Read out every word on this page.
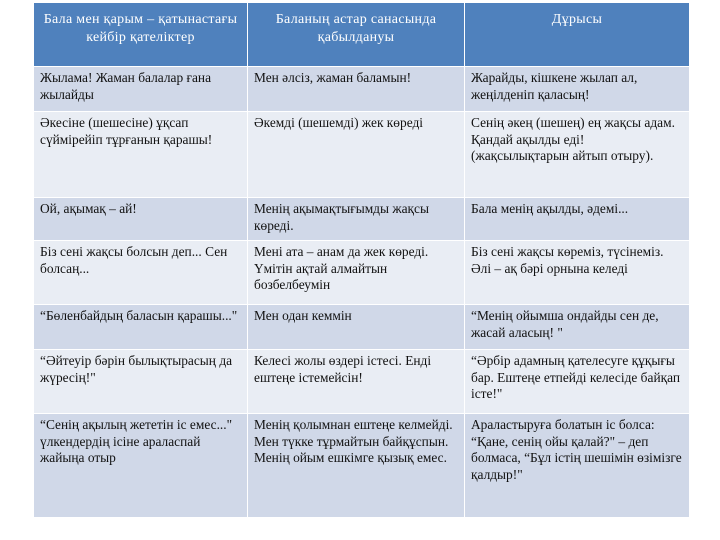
Бала мен қарым – қатынастағы кейбір қателіктер	Баланың астар санасында қабылдануы	Дұрысы
Жылама! Жаман балалар ғана жылайды	Мен әлсіз, жаман баламын!	Жарайды, кішкене жылап ал, жеңілденіп қаласың!
Әкесіне (шешесіне) ұқсап сүймірейіп тұрғанын қарашы!	Әкемді (шешемді) жек көреді	Сенің әкең (шешең) ең жақсы адам. Қандай ақылды еді! (жақсылықтарын айтып отыру).
Ой, ақымақ – ай!	Менің ақымақтығымды жақсы көреді.	Бала менің ақылды, әдемі...
Біз сені жақсы болсын деп... Сен болсаң...	Мені ата – анам да жек көреді. Үмітін ақтай алмайтын бозбелбеумін	Біз сені жақсы көреміз, түсінеміз. Әлі – ақ бәрі орнына келеді
“Бөленбайдың баласын қарашы..."	Мен одан кеммін	“Менің ойымша ондайды сен де, жасай аласың! "
“Әйтеуір бәрін былықтырасың да жүресің!"	Келесі жолы өздері істесі. Енді ештеңе істемейсін!	“Әрбір адамның қателесуге құқығы бар. Ештеңе етпейді келесіде байқап істе!"
“Сенің ақылың жететін іс емес..." үлкендердің ісіне араласпай жайыңа отыр	Менің қолымнан ештеңе келмейді. Мен түкке тұрмайтын байқұспын. Менің ойым ешкімге қызық емес.	Араластыруға болатын іс болса: “Қане, сенің ойы қалай?" – деп болмаса, “Бұл істің шешімін өзімізге қалдыр!"
